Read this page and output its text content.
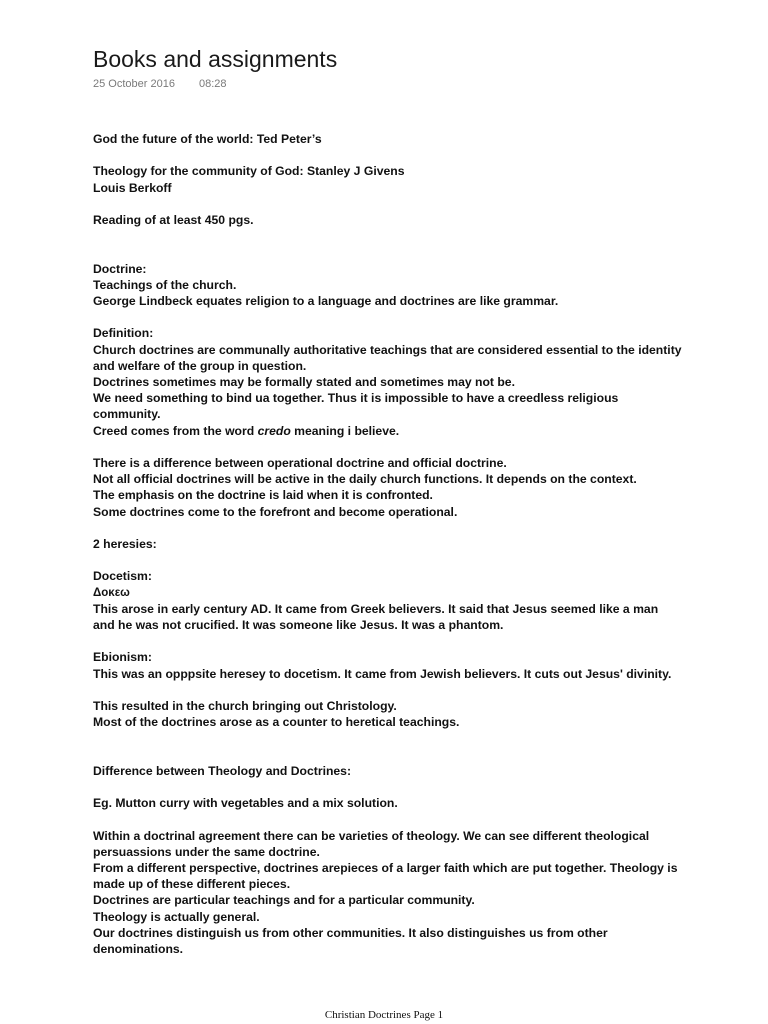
Books and assignments
25 October 2016 08:28
God the future of the world: Ted Peter’s
Theology for the community of God: Stanley J Givens
Louis Berkoff
Reading of at least 450 pgs.
Doctrine:
Teachings of the church.
George Lindbeck equates religion to a language and doctrines are like grammar.
Definition:
Church doctrines are communally authoritative teachings that are considered essential to the identity and welfare of the group in question.
Doctrines sometimes may be formally stated and sometimes may not be.
We need something to bind ua together. Thus it is impossible to have a creedless religious community.
Creed comes from the word credo meaning i believe.
There is a difference between operational doctrine and official doctrine.
Not all official doctrines will be active in the daily church functions. It depends on the context.
The emphasis on the doctrine is laid when it is confronted.
Some doctrines come to the forefront and become operational.
2 heresies:
Docetism:
Δοκεω
This arose in early century AD. It came from Greek believers. It said that Jesus seemed like a man and he was not crucified. It was someone like Jesus. It was a phantom.
Ebionism:
This was an opppsite heresey to docetism. It came from Jewish believers. It cuts out Jesus' divinity.
This resulted in the church bringing out Christology.
Most of the doctrines arose as a counter to heretical teachings.
Difference between Theology and Doctrines:
Eg. Mutton curry with vegetables and a mix solution.
Within a doctrinal agreement there can be varieties of theology. We can see different theological persuassions under the same doctrine.
From a different perspective, doctrines arepieces of a larger faith which are put together. Theology is made up of these different pieces.
Doctrines are particular teachings and for a particular community.
Theology is actually general.
Our doctrines distinguish us from other communities. It also distinguishes us from other denominations.
Christian Doctrines Page 1
